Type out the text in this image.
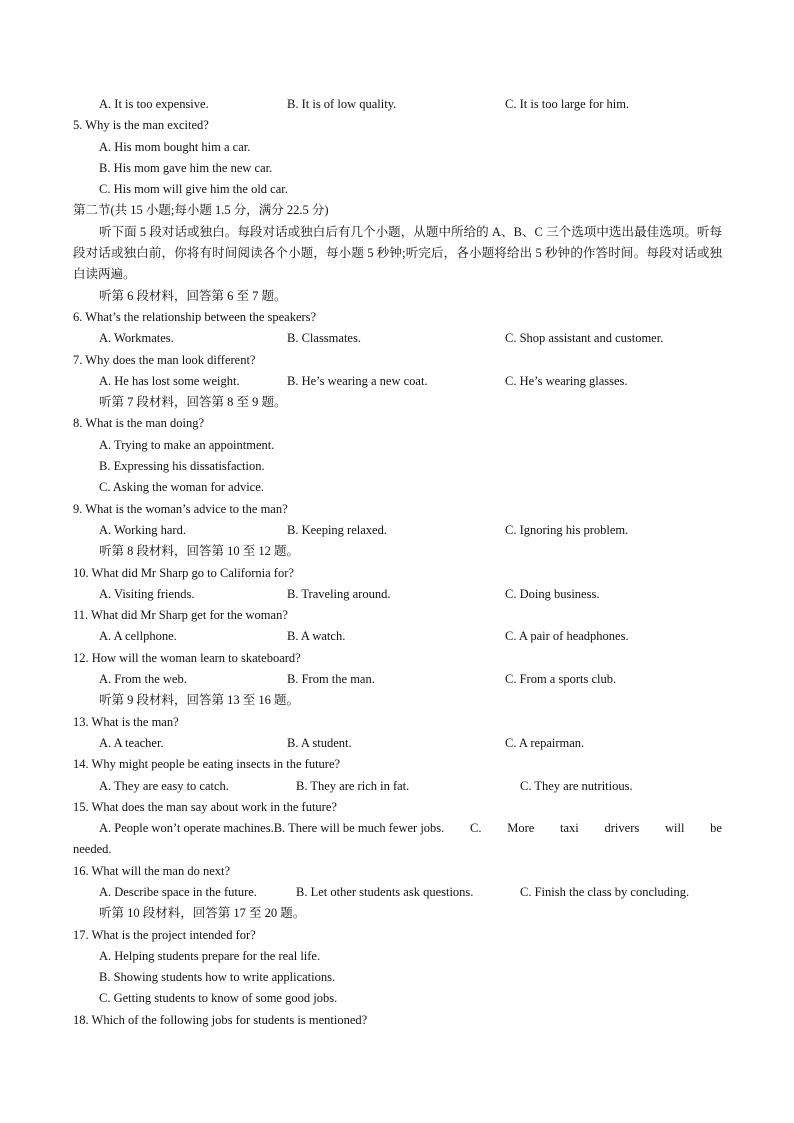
A. It is too expensive.	B. It is of low quality.	C. It is too large for him.
5. Why is the man excited?
A. His mom bought him a car.
B. His mom gave him the new car.
C. His mom will give him the old car.
第二节(共 15 小题;每小题 1.5 分，满分 22.5 分)
听下面 5 段对话或独白。每段对话或独白后有几个小题，从题中所给的 A、B、C 三个选项中选出最佳选项。听每段对话或独白前，你将有时间阅读各个小题，每小题 5 秒钟;听完后，各小题将给出 5 秒钟的作答时间。每段对话或独白读两遍。
听第 6 段材料，回答第 6 至 7 题。
6. What’s the relationship between the speakers?
A. Workmates.	B. Classmates.	C. Shop assistant and customer.
7. Why does the man look different?
A. He has lost some weight.	B. He’s wearing a new coat.	C. He’s wearing glasses.
听第 7 段材料，回答第 8 至 9 题。
8. What is the man doing?
A. Trying to make an appointment.
B. Expressing his dissatisfaction.
C. Asking the woman for advice.
9. What is the woman’s advice to the man?
A. Working hard.	B. Keeping relaxed.	C. Ignoring his problem.
听第 8 段材料，回答第 10 至 12 题。
10. What did Mr Sharp go to California for?
A. Visiting friends.	B. Traveling around.	C. Doing business.
11. What did Mr Sharp get for the woman?
A. A cellphone.	B. A watch.	C. A pair of headphones.
12. How will the woman learn to skateboard?
A. From the web.	B. From the man.	C. From a sports club.
听第 9 段材料，回答第 13 至 16 题。
13. What is the man?
A. A teacher.	B. A student.	C. A repairman.
14. Why might people be eating insects in the future?
A. They are easy to catch.	B. They are rich in fat.	C. They are nutritious.
15. What does the man say about work in the future?
A. People won’t operate machines.B. There will be much fewer jobs. C. More taxi drivers will be
needed.
16. What will the man do next?
A. Describe space in the future.	B. Let other students ask questions.	C. Finish the class by concluding.
听第 10 段材料，回答第 17 至 20 题。
17. What is the project intended for?
A. Helping students prepare for the real life.
B. Showing students how to write applications.
C. Getting students to know of some good jobs.
18. Which of the following jobs for students is mentioned?
